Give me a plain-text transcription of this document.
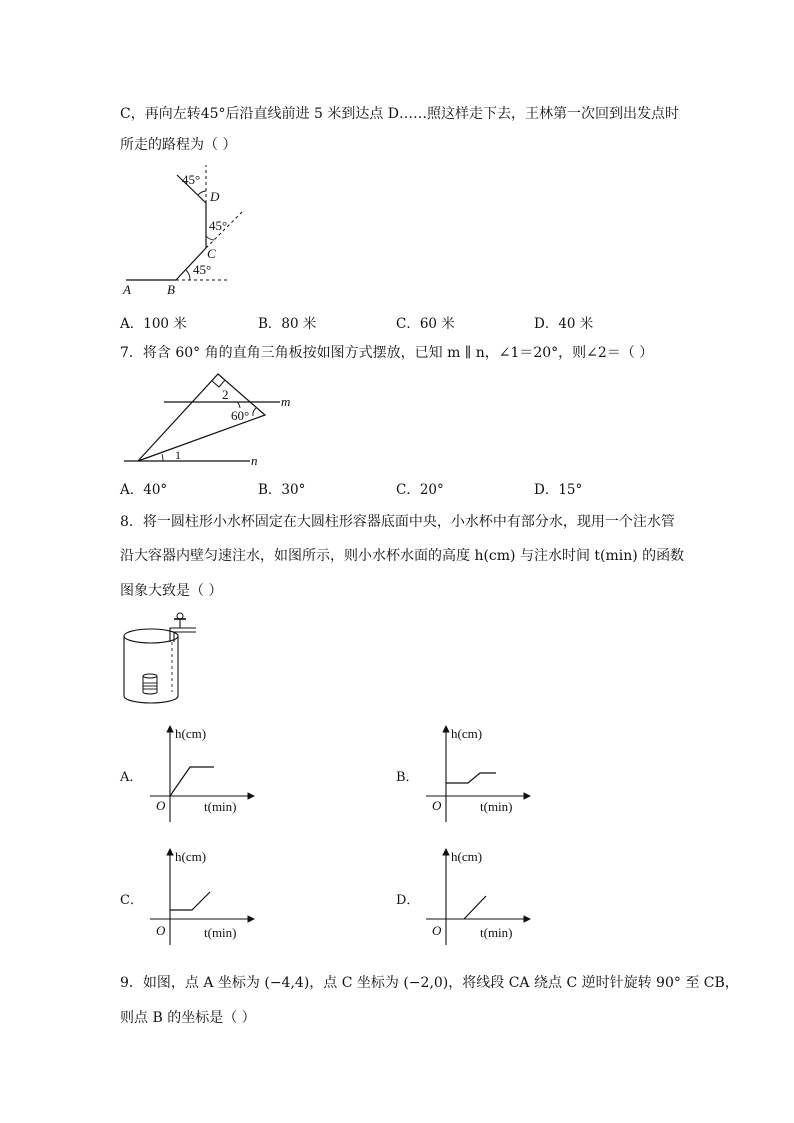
C，再向左转45°后沿直线前进 5 米到达点 D……照这样走下去，王林第一次回到出发点时
所走的路程为（ ）
45°
D
45°
C
45°
A	B
A．100 米	B．80 米	C．60 米	D．40 米
7．将含 60° 角的直角三角板按如图方式摆放，已知 m ∥ n，∠1＝20°，则∠2＝（ ）
2	m
60°
1	n
A．40°	B．30°	C．20°	D．15°
8．将一圆柱形小水杯固定在大圆柱形容器底面中央，小水杯中有部分水，现用一个注水管
沿大容器内壁匀速注水，如图所示，则小水杯水面的高度 h(cm) 与注水时间 t(min) 的函数
图象大致是（ ）
A．
h(cm)
t(min)
O
B．
h(cm)
t(min)
O
C．
h(cm)
t(min)
O
D．
h(cm)
t(min)
O
9．如图，点 A 坐标为 (−4,4)，点 C 坐标为 (−2,0)，将线段 CA 绕点 C 逆时针旋转 90° 至 CB，
则点 B 的坐标是（ ）
